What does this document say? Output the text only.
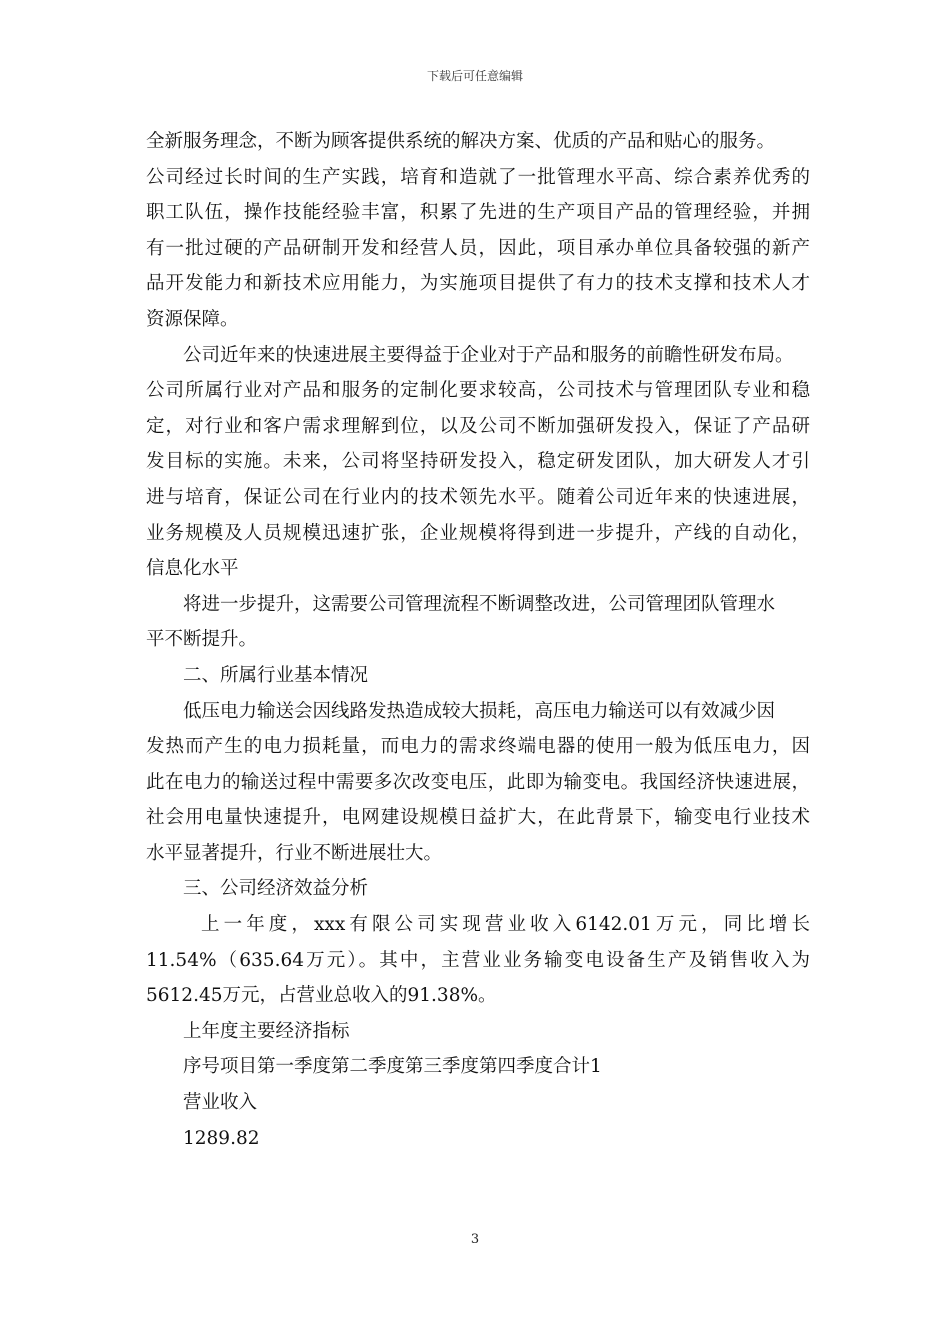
下载后可任意编辑
全新服务理念，不断为顾客提供系统的解决方案、优质的产品和贴心的服务。
公司经过长时间的生产实践，培育和造就了一批管理水平高、综合素养优秀的
职工队伍，操作技能经验丰富，积累了先进的生产项目产品的管理经验，并拥
有一批过硬的产品研制开发和经营人员，因此，项目承办单位具备较强的新产
品开发能力和新技术应用能力，为实施项目提供了有力的技术支撑和技术人才
资源保障。
公司近年来的快速进展主要得益于企业对于产品和服务的前瞻性研发布局。
公司所属行业对产品和服务的定制化要求较高，公司技术与管理团队专业和稳
定，对行业和客户需求理解到位，以及公司不断加强研发投入，保证了产品研
发目标的实施。未来，公司将坚持研发投入，稳定研发团队，加大研发人才引
进与培育，保证公司在行业内的技术领先水平。随着公司近年来的快速进展，
业务规模及人员规模迅速扩张，企业规模将得到进一步提升，产线的自动化，
信息化水平
将进一步提升，这需要公司管理流程不断调整改进，公司管理团队管理水
平不断提升。
二、所属行业基本情况
低压电力输送会因线路发热造成较大损耗，高压电力输送可以有效减少因
发热而产生的电力损耗量，而电力的需求终端电器的使用一般为低压电力，因
此在电力的输送过程中需要多次改变电压，此即为输变电。我国经济快速进展，
社会用电量快速提升，电网建设规模日益扩大，在此背景下，输变电行业技术
水平显著提升，行业不断进展壮大。
三、公司经济效益分析
上一年度，xxx有限公司实现营业收入6142.01万元，同比增长
11.54%（635.64万元）。其中，主营业业务输变电设备生产及销售收入为
5612.45万元，占营业总收入的91.38%。
上年度主要经济指标
序号项目第一季度第二季度第三季度第四季度合计1
营业收入
1289.82
3
